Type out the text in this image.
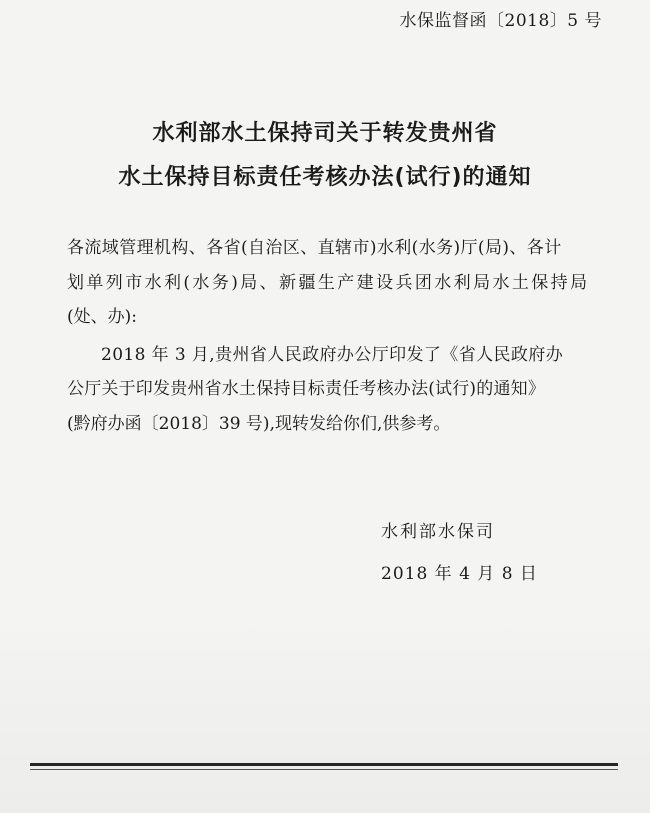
水保监督函〔2018〕5 号
水利部水土保持司关于转发贵州省
水土保持目标责任考核办法(试行)的通知
各流域管理机构、各省(自治区、直辖市)水利(水务)厅(局)、各计
划单列市水利(水务)局、新疆生产建设兵团水利局水土保持局
(处、办):
2018 年 3 月,贵州省人民政府办公厅印发了《省人民政府办
公厅关于印发贵州省水土保持目标责任考核办法(试行)的通知》
(黔府办函〔2018〕39 号),现转发给你们,供参考。
水利部水保司
2018 年 4 月 8 日
